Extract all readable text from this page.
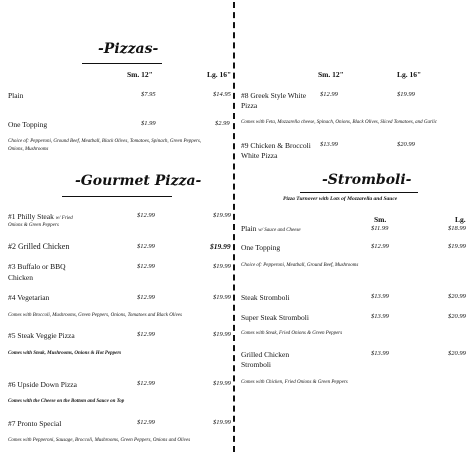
-Pizzas-
Sm. 12"	Lg. 16"
Plain	$7.95	$14.95
One Topping	$1.99	$2.99
Choice of: Pepperoni, Ground Beef, Meatball, Black Olives, Tomatoes, Spinach, Green Peppers,
Onions, Mushrooms
-Gourmet Pizza-
#1 Philly Steak w/ Fried
Onions & Green Peppers
$12.99	$19.99
#2 Grilled Chicken	$12.99	$19.99
#3 Buffalo or BBQ
Chicken
$12.99	$19.99
#4 Vegetarian	$12.99	$19.99
Comes with Broccoli, Mushrooms, Green Peppers, Onions, Tomatoes and Black Olives
#5 Steak Veggie Pizza	$12.99	$19.99
Comes with Steak, Mushrooms, Onions & Hot Peppers
#6 Upside Down Pizza	$12.99	$19.99
Comes with the Cheese on the Bottom and Sauce on Top
#7 Pronto Special	$12.99	$19.99
Comes with Pepperoni, Sausage, Broccoli, Mushrooms, Green Peppers, Onions and Olives
Sm. 12"	Lg. 16"
#8 Greek Style White
Pizza
$12.99	$19.99
Comes with Feta, Mozzarella cheese, Spinach, Onions, Black Olives, Sliced Tomatoes, and Garlic
#9 Chicken & Broccoli
White Pizza
$13.99	$20.99
-Stromboli-
Pizza Turnover with Lots of Mozzarella and Sauce
Sm.	Lg.
Plain w/ Sauce and Cheese	$11.99	$18.99
One Topping	$12.99	$19.99
Choice of: Pepperoni, Meatball, Ground Beef, Mushrooms
Steak Stromboli	$13.99	$20.99
Super Steak Stromboli	$13.99	$20.99
Comes with Steak, Fried Onions & Green Peppers
Grilled Chicken
Stromboli
$13.99	$20.99
Comes with Chicken, Fried Onions & Green Peppers
